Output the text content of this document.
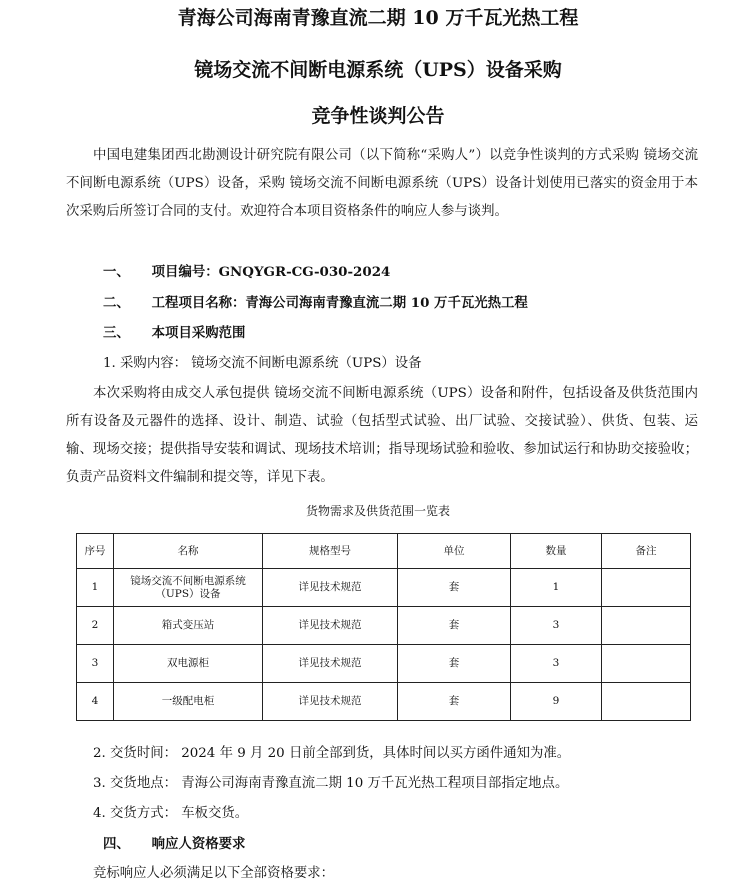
青海公司海南青豫直流二期 10 万千瓦光热工程
镜场交流不间断电源系统（UPS）设备采购
竞争性谈判公告

中国电建集团西北勘测设计研究院有限公司（以下简称“采购人”）以竞争性谈判的方式采购 镜场交流不间断电源系统（UPS）设备，采购 镜场交流不间断电源系统（UPS）设备计划使用已落实的资金用于本次采购后所签订合同的支付。欢迎符合本项目资格条件的响应人参与谈判。

一、 项目编号：GNQYGR-CG-030-2024
二、 工程项目名称：青海公司海南青豫直流二期 10 万千瓦光热工程
三、 本项目采购范围
1. 采购内容： 镜场交流不间断电源系统（UPS）设备

本次采购将由成交人承包提供 镜场交流不间断电源系统（UPS）设备和附件，包括设备及供货范围内所有设备及元器件的选择、设计、制造、试验（包括型式试验、出厂试验、交接试验）、供货、包装、运输、现场交接；提供指导安装和调试、现场技术培训；指导现场试验和验收、参加试运行和协助交接验收；负责产品资料文件编制和提交等，详见下表。

货物需求及供货范围一览表
序号	名称	规格型号	单位	数量	备注
1	镜场交流不间断电源系统（UPS）设备	详见技术规范	套	1	
2	箱式变压站	详见技术规范	套	3	
3	双电源柜	详见技术规范	套	3	
4	一级配电柜	详见技术规范	套	9	
2. 交货时间： 2024 年 9 月 20 日前全部到货，具体时间以买方函件通知为准。
3. 交货地点： 青海公司海南青豫直流二期 10 万千瓦光热工程项目部指定地点。
4. 交货方式： 车板交货。
四、 响应人资格要求
竞标响应人必须满足以下全部资格要求：
